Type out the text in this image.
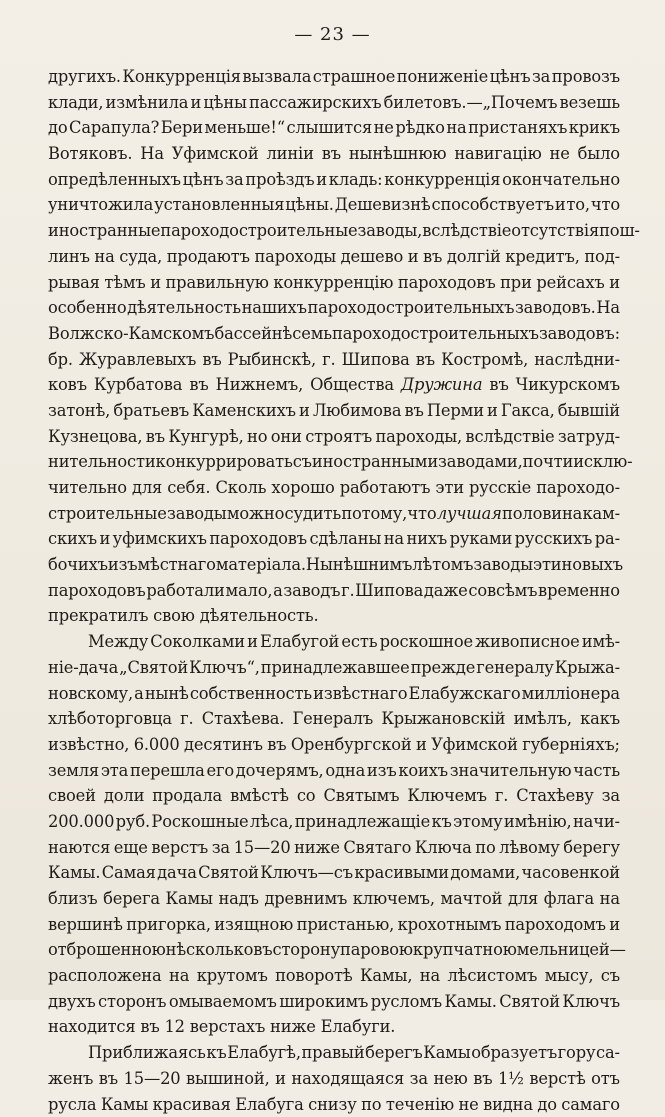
— 23 —
другихъ. Конкурренція вызвала страшное пониженіе цѣнъ за провозъ
клади, измѣнила и цѣны пассажирскихъ билетовъ.—„Почемъ везешь
до Сарапула? Бери меньше!“ слышится не рѣдко на пристаняхъ крикъ
Вотяковъ. На Уфимской линіи въ нынѣшнюю навигацію не было
опредѣленныхъ цѣнъ за проѣздъ и кладь: конкурренція окончательно
уничтожила установленныя цѣны. Дешевизнѣ способствуетъ и то, что
иностранные пароходостроительные заводы, вслѣдствіе отсутствія пош-
линъ на суда, продаютъ пароходы дешево и въ долгій кредитъ, под-
рывая тѣмъ и правильную конкурренцію пароходовъ при рейсахъ и
особенно дѣятельность нашихъ пароходостроительныхъ заводовъ. На
Волжско-Камскомъ бассейнѣ семь пароходостроительныхъ заводовъ:
бр. Журавлевыхъ въ Рыбинскѣ, г. Шипова въ Костромѣ, наслѣдни-
ковъ Курбатова въ Нижнемъ, Общества Дружина въ Чикурскомъ
затонѣ, братьевъ Каменскихъ и Любимова въ Перми и Гакса, бывшій
Кузнецова, въ Кунгурѣ, но они строятъ пароходы, вслѣдствіе затруд-
нительности конкуррировать съ иностранными заводами, почти исклю-
чительно для себя. Сколь хорошо работаютъ эти русскіе пароходо-
строительные заводы можно судить потому, что лучшая половина кам-
скихъ и уфимскихъ пароходовъ сдѣланы на нихъ руками русскихъ ра-
бочихъ изъ мѣстнаго матеріала. Нынѣшнимъ лѣтомъ заводы эти новыхъ
пароходовъ работали мало, а заводъ г. Шипова даже совсѣмъ временно
прекратилъ свою дѣятельность.
Между Соколками и Елабугой есть роскошное живописное имѣ-
ніе-дача „Святой Ключъ“, принадлежавшее прежде генералу Крыжа-
новскому, а нынѣ собственность извѣстнаго Елабужскаго милліонера
хлѣботорговца г. Стахѣева. Генералъ Крыжановскій имѣлъ, какъ
извѣстно, 6.000 десятинъ въ Оренбургской и Уфимской губерніяхъ;
земля эта перешла его дочерямъ, одна изъ коихъ значительную часть
своей доли продала вмѣстѣ со Святымъ Ключемъ г. Стахѣеву за
200.000 руб. Роскошные лѣса, принадлежащіе къ этому имѣнію, начи-
наются еще верстъ за 15—20 ниже Святаго Ключа по лѣвому берегу
Камы. Самая дача Святой Ключъ—съ красивыми домами, часовенкой
близъ берега Камы надъ древнимъ ключемъ, мачтой для флага на
вершинѣ пригорка, изящною пристанью, крохотнымъ пароходомъ и
отброшенною нѣсколько въ сторону паровою крупчатною мельницей—
расположена на крутомъ поворотѣ Камы, на лѣсистомъ мысу, съ
двухъ сторонъ омываемомъ широкимъ русломъ Камы. Святой Ключъ
находится въ 12 верстахъ ниже Елабуги.
Приближаясь къ Елабугѣ, правый берегъ Камы образуетъ гору са-
женъ въ 15—20 вышиной, и находящаяся за нею въ 1½ верстѣ отъ
русла Камы красивая Елабуга снизу по теченію не видна до самаго
